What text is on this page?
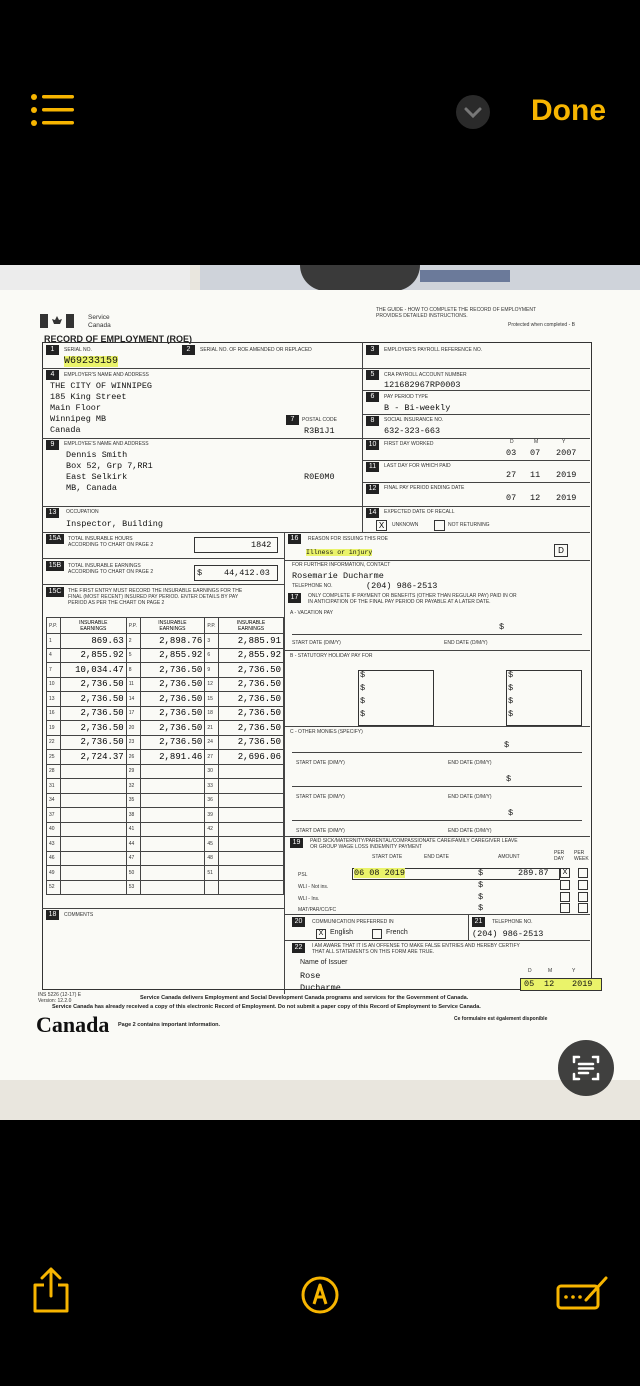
Done
Service
Canada
THE GUIDE - HOW TO COMPLETE THE RECORD OF EMPLOYMENT
PROVIDES DETAILED INSTRUCTIONS.
Protected when completed - B
RECORD OF EMPLOYMENT (ROE)
1	SERIAL NO.
W69233159
2	SERIAL NO. OF ROE AMENDED OR REPLACED	3	EMPLOYER'S PAYROLL REFERENCE NO.
4	EMPLOYER'S NAME AND ADDRESS
THE CITY OF WINNIPEG
185 King Street
Main Floor
Winnipeg MB
Canada
7	POSTAL CODE
R3B1J1
5	CRA PAYROLL ACCOUNT NUMBER
121682967RP0003
6	PAY PERIOD TYPE
B - Bi-weekly
8	SOCIAL INSURANCE NO.
632-323-663
9	EMPLOYEE'S NAME AND ADDRESS
Dennis Smith
Box 52, Grp 7,RR1
East Selkirk
MB, Canada
R0E0M0
10	FIRST DAY WORKED	D	M	Y
03 07 2007
11	LAST DAY FOR WHICH PAID
27 11 2019
12	FINAL PAY PERIOD ENDING DATE
07 12 2019
13	OCCUPATION
Inspector, Building
14	EXPECTED DATE OF RECALL
X	UNKNOWN	NOT RETURNING
15A	TOTAL INSURABLE HOURS
ACCORDING TO CHART ON PAGE 2	1842
16	REASON FOR ISSUING THIS ROE
Illness or injury	D
FOR FURTHER INFORMATION, CONTACT
Rosemarie Ducharme
TELEPHONE NO.	(204) 986-2513
15B	TOTAL INSURABLE EARNINGS
ACCORDING TO CHART ON PAGE 2	$	44,412.03
15C	THE FIRST ENTRY MUST RECORD THE INSURABLE EARNINGS FOR THE
FINAL (MOST RECENT) INSURED PAY PERIOD. ENTER DETAILS BY PAY
PERIOD AS PER THE CHART ON PAGE 2
P.P.	INSURABLE
EARNINGS	P.P.	INSURABLE
EARNINGS	P.P.	INSURABLE
EARNINGS
1	869.63	2	2,898.76	3	2,885.91
4	2,855.92	5	2,855.92	6	2,855.92
7	10,034.47	8	2,736.50	9	2,736.50
10	2,736.50	11	2,736.50	12	2,736.50
13	2,736.50	14	2,736.50	15	2,736.50
16	2,736.50	17	2,736.50	18	2,736.50
19	2,736.50	20	2,736.50	21	2,736.50
22	2,736.50	23	2,736.50	24	2,736.50
25	2,724.37	26	2,891.46	27	2,696.06
28		29		30	
31		32		33	
34		35		36	
37		38		39	
40		41		42	
43		44		45	
46		47		48	
49		50		51	
52		53			
17	ONLY COMPLETE IF PAYMENT OR BENEFITS (OTHER THAN REGULAR PAY) PAID IN OR
IN ANTICIPATION OF THE FINAL PAY PERIOD OR PAYABLE AT A LATER DATE.
A - VACATION PAY
$
START DATE (D/M/Y)	END DATE (D/M/Y)
B - STATUTORY HOLIDAY PAY FOR
$
$
$
$
$
$
$
$
C - OTHER MONIES (SPECIFY)
$
START DATE (D/M/Y)	END DATE (D/M/Y)
$
START DATE (D/M/Y)	END DATE (D/M/Y)
$
START DATE (D/M/Y)	END DATE (D/M/Y)
19	PAID SICK/MATERNITY/PARENTAL/COMPASSIONATE CARE/FAMILY CAREGIVER LEAVE
OR GROUP WAGE LOSS INDEMNITY PAYMENT
START DATE	END DATE	AMOUNT
PER DAY
PER WEEK
PSL	06 08 2019	$	289.87	X
WLI - Not ins.	$
WLI - Ins.	$
MAT/PAR/CC/FC	$
18	COMMENTS
20	COMMUNICATION PREFERRED IN
X English	French
21	TELEPHONE NO.
(204) 986-2513
22	I AM AWARE THAT IT IS AN OFFENSE TO MAKE FALSE ENTRIES AND HEREBY CERTIFY
THAT ALL STATEMENTS ON THIS FORM ARE TRUE.
Name of Issuer
Rose
Ducharme
D	M	Y
05 12 2019
INS 5226 (12-17) E
Version: 12.2.0	Service Canada delivers Employment and Social Development Canada programs and services for the Government of Canada.
Service Canada has already received a copy of this electronic Record of Employment. Do not submit a paper copy of this Record of Employment to Service Canada.
Canada Page 2 contains important information.
Ce formulaire est également disponible
